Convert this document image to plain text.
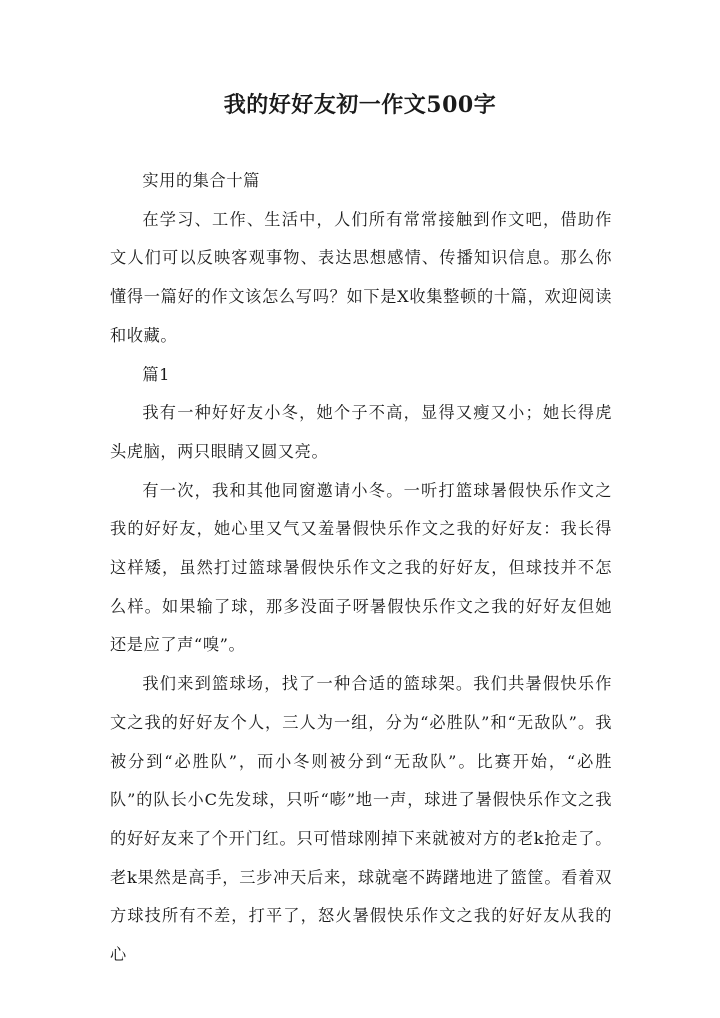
我的好好友初一作文500字

实用的集合十篇

在学习、工作、生活中，人们所有常常接触到作文吧，借助作文人们可以反映客观事物、表达思想感情、传播知识信息。那么你懂得一篇好的作文该怎么写吗？如下是X收集整顿的十篇，欢迎阅读和收藏。

篇1

我有一种好好友小冬，她个子不高，显得又瘦又小；她长得虎头虎脑，两只眼睛又圆又亮。

有一次，我和其他同窗邀请小冬。一听打篮球暑假快乐作文之我的好好友，她心里又气又羞暑假快乐作文之我的好好友：我长得这样矮，虽然打过篮球暑假快乐作文之我的好好友，但球技并不怎么样。如果输了球，那多没面子呀暑假快乐作文之我的好好友但她还是应了声“嗅”。

我们来到篮球场，找了一种合适的篮球架。我们共暑假快乐作文之我的好好友个人，三人为一组，分为“必胜队”和“无敌队”。我被分到“必胜队”，而小冬则被分到“无敌队”。比赛开始，“必胜队”的队长小C先发球，只听“嘭”地一声，球进了暑假快乐作文之我的好好友来了个开门红。只可惜球刚掉下来就被对方的老k抢走了。老k果然是高手，三步冲天后来，球就毫不踌躇地进了篮筐。看着双方球技所有不差，打平了，怒火暑假快乐作文之我的好好友从我的心
